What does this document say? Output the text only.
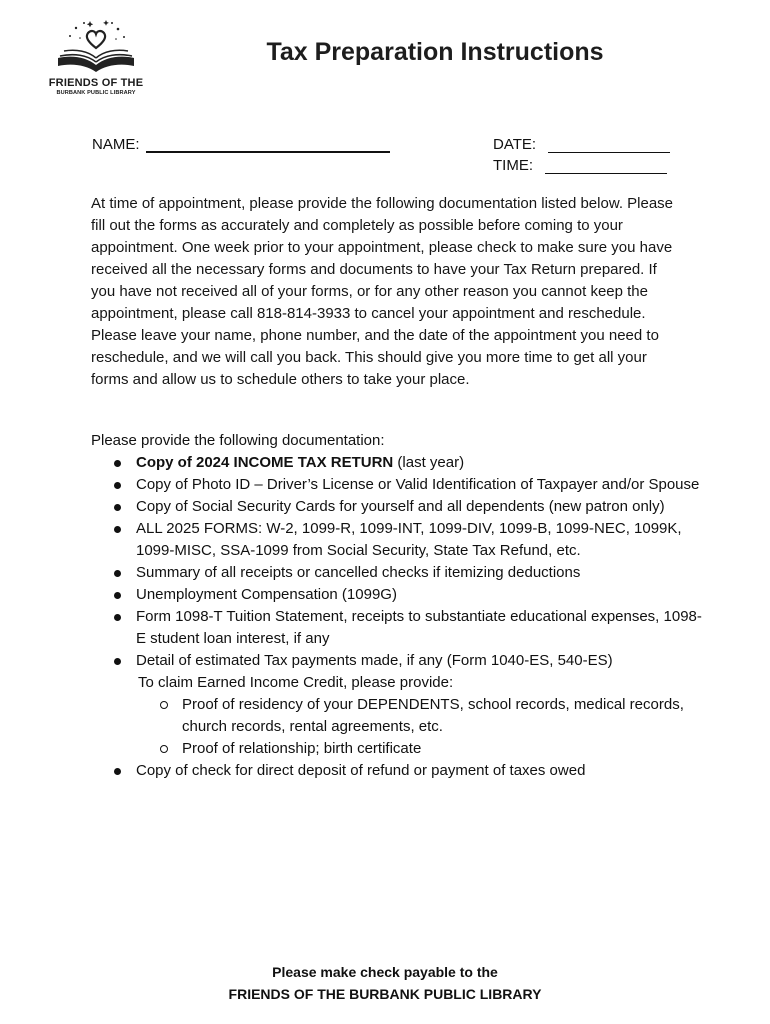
FRIENDS OF THE
BURBANK PUBLIC LIBRARY
Tax Preparation Instructions
NAME:	DATE:
TIME:

At time of appointment, please provide the following documentation listed below. Please fill out the forms as accurately and completely as possible before coming to your appointment. One week prior to your appointment, please check to make sure you have received all the necessary forms and documents to have your Tax Return prepared. If you have not received all of your forms, or for any other reason you cannot keep the appointment, please call 818-814-3933 to cancel your appointment and reschedule. Please leave your name, phone number, and the date of the appointment you need to reschedule, and we will call you back. This should give you more time to get all your forms and allow us to schedule others to take your place.

Please provide the following documentation:

Copy of 2024 INCOME TAX RETURN (last year)
Copy of Photo ID – Driver’s License or Valid Identification of Taxpayer and/or Spouse
Copy of Social Security Cards for yourself and all dependents (new patron only)
ALL 2025 FORMS: W-2, 1099-R, 1099-INT, 1099-DIV, 1099-B, 1099-NEC, 1099K, 1099-MISC, SSA-1099 from Social Security, State Tax Refund, etc.
Summary of all receipts or cancelled checks if itemizing deductions
Unemployment Compensation (1099G)
Form 1098-T Tuition Statement, receipts to substantiate educational expenses, 1098-E student loan interest, if any
Detail of estimated Tax payments made, if any (Form 1040-ES, 540-ES)
To claim Earned Income Credit, please provide:
Proof of residency of your DEPENDENTS, school records, medical records, church records, rental agreements, etc.
Proof of relationship; birth certificate
Copy of check for direct deposit of refund or payment of taxes owed
Please make check payable to the
FRIENDS OF THE BURBANK PUBLIC LIBRARY
